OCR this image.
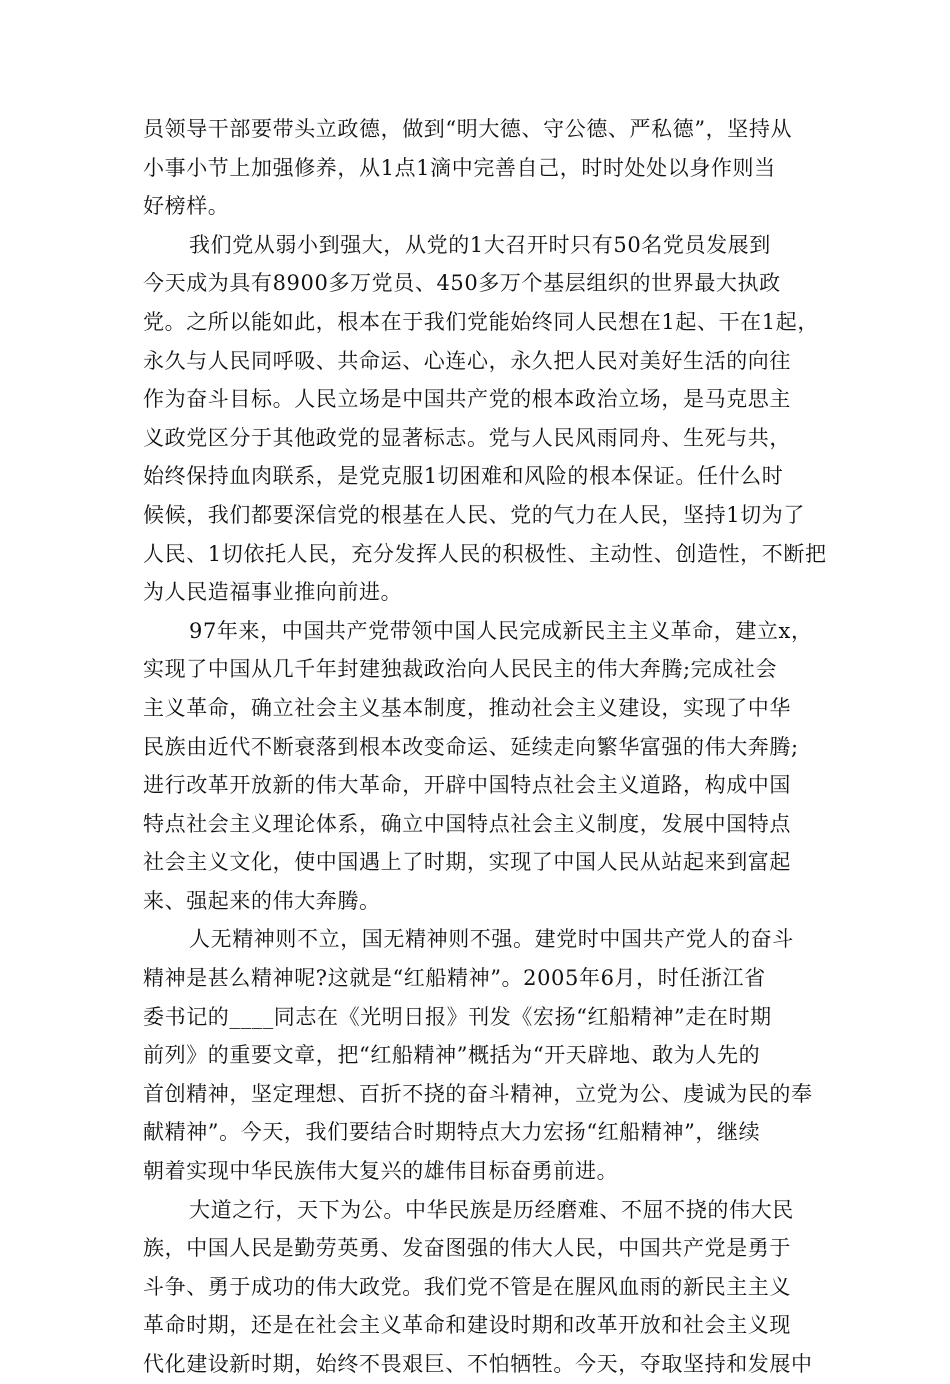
员领导干部要带头立政德，做到“明大德、守公德、严私德”，坚持从
小事小节上加强修养，从1点1滴中完善自己，时时处处以身作则当
好榜样。
我们党从弱小到强大，从党的1大召开时只有50名党员发展到
今天成为具有8900多万党员、450多万个基层组织的世界最大执政
党。之所以能如此，根本在于我们党能始终同人民想在1起、干在1起，
永久与人民同呼吸、共命运、心连心，永久把人民对美好生活的向往
作为奋斗目标。人民立场是中国共产党的根本政治立场，是马克思主
义政党区分于其他政党的显著标志。党与人民风雨同舟、生死与共，
始终保持血肉联系，是党克服1切困难和风险的根本保证。任什么时
候候，我们都要深信党的根基在人民、党的气力在人民，坚持1切为了
人民、1切依托人民，充分发挥人民的积极性、主动性、创造性，不断把
为人民造福事业推向前进。
97年来，中国共产党带领中国人民完成新民主主义革命，建立x，
实现了中国从几千年封建独裁政治向人民民主的伟大奔腾;完成社会
主义革命，确立社会主义基本制度，推动社会主义建设，实现了中华
民族由近代不断衰落到根本改变命运、延续走向繁华富强的伟大奔腾;
进行改革开放新的伟大革命，开辟中国特点社会主义道路，构成中国
特点社会主义理论体系，确立中国特点社会主义制度，发展中国特点
社会主义文化，使中国遇上了时期，实现了中国人民从站起来到富起
来、强起来的伟大奔腾。
人无精神则不立，国无精神则不强。建党时中国共产党人的奋斗
精神是甚么精神呢?这就是“红船精神”。2005年6月，时任浙江省
委书记的____同志在《光明日报》刊发《宏扬“红船精神”走在时期
前列》的重要文章，把“红船精神”概括为“开天辟地、敢为人先的
首创精神，坚定理想、百折不挠的奋斗精神，立党为公、虔诚为民的奉
献精神”。今天，我们要结合时期特点大力宏扬“红船精神”，继续
朝着实现中华民族伟大复兴的雄伟目标奋勇前进。
大道之行，天下为公。中华民族是历经磨难、不屈不挠的伟大民
族，中国人民是勤劳英勇、发奋图强的伟大人民，中国共产党是勇于
斗争、勇于成功的伟大政党。我们党不管是在腥风血雨的新民主主义
革命时期，还是在社会主义革命和建设时期和改革开放和社会主义现
代化建设新时期，始终不畏艰巨、不怕牺牲。今天，夺取坚持和发展中
